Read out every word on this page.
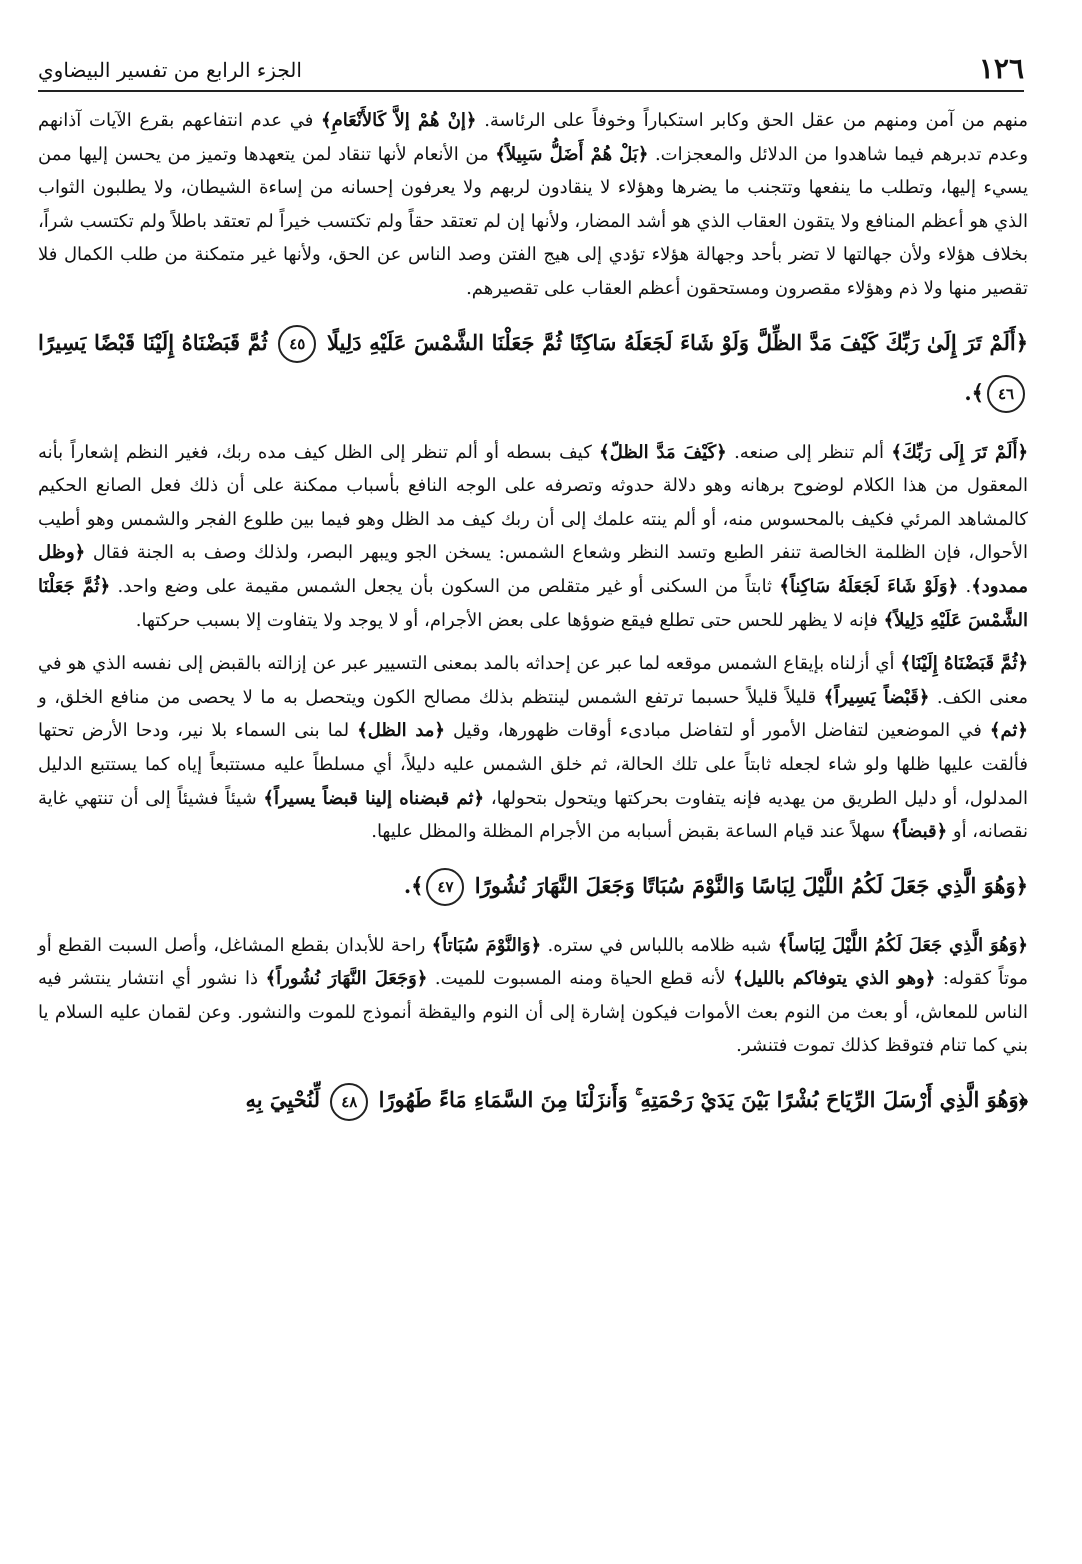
١٢٦
الجزء الرابع من تفسير البيضاوي

منهم من آمن ومنهم من عقل الحق وكابر استكباراً وخوفاً على الرئاسة. ﴿إنْ هُمْ إلاَّ كَالأَنْعَامِ﴾ في عدم انتفاعهم بقرع الآيات آذانهم وعدم تدبرهم فيما شاهدوا من الدلائل والمعجزات. ﴿بَلْ هُمْ أَضَلُّ سَبِيلاً﴾ من الأنعام لأنها تنقاد لمن يتعهدها وتميز من يحسن إليها ممن يسيء إليها، وتطلب ما ينفعها وتتجنب ما يضرها وهؤلاء لا ينقادون لربهم ولا يعرفون إحسانه من إساءة الشيطان، ولا يطلبون الثواب الذي هو أعظم المنافع ولا يتقون العقاب الذي هو أشد المضار، ولأنها إن لم تعتقد حقاً ولم تكتسب خيراً لم تعتقد باطلاً ولم تكتسب شراً، بخلاف هؤلاء ولأن جهالتها لا تضر بأحد وجهالة هؤلاء تؤدي إلى هيج الفتن وصد الناس عن الحق، ولأنها غير متمكنة من طلب الكمال فلا تقصير منها ولا ذم وهؤلاء مقصرون ومستحقون أعظم العقاب على تقصيرهم.

﴿أَلَمْ تَرَ إِلَىٰ رَبِّكَ كَيْفَ مَدَّ الظِّلَّ وَلَوْ شَاءَ لَجَعَلَهُ سَاكِنًا ثُمَّ جَعَلْنَا الشَّمْسَ عَلَيْهِ دَلِيلًا ٤٥ ثُمَّ قَبَضْنَاهُ إِلَيْنَا قَبْضًا يَسِيرًا ٤٦﴾.

﴿أَلَمْ تَرَ إِلَى رَبِّكَ﴾ ألم تنظر إلى صنعه. ﴿كَيْفَ مَدَّ الظلّ﴾ كيف بسطه أو ألم تنظر إلى الظل كيف مده ربك، فغير النظم إشعاراً بأنه المعقول من هذا الكلام لوضوح برهانه وهو دلالة حدوثه وتصرفه على الوجه النافع بأسباب ممكنة على أن ذلك فعل الصانع الحكيم كالمشاهد المرئي فكيف بالمحسوس منه، أو ألم ينته علمك إلى أن ربك كيف مد الظل وهو فيما بين طلوع الفجر والشمس وهو أطيب الأحوال، فإن الظلمة الخالصة تنفر الطبع وتسد النظر وشعاع الشمس: يسخن الجو ويبهر البصر، ولذلك وصف به الجنة فقال ﴿وظل ممدود﴾. ﴿وَلَوْ شَاءَ لَجَعَلَهُ سَاكِناً﴾ ثابتاً من السكنى أو غير متقلص من السكون بأن يجعل الشمس مقيمة على وضع واحد. ﴿ثُمَّ جَعَلْنَا الشَّمْسَ عَلَيْهِ دَلِيلاً﴾ فإنه لا يظهر للحس حتى تطلع فيقع ضوؤها على بعض الأجرام، أو لا يوجد ولا يتفاوت إلا بسبب حركتها.

﴿ثُمَّ قَبَضْنَاهُ إِلَيْنَا﴾ أي أزلناه بإيقاع الشمس موقعه لما عبر عن إحداثه بالمد بمعنى التسيير عبر عن إزالته بالقبض إلى نفسه الذي هو في معنى الكف. ﴿قَبْضاً يَسِيراً﴾ قليلاً قليلاً حسبما ترتفع الشمس لينتظم بذلك مصالح الكون ويتحصل به ما لا يحصى من منافع الخلق، و ﴿ثم﴾ في الموضعين لتفاضل الأمور أو لتفاضل مبادىء أوقات ظهورها، وقيل ﴿مد الظل﴾ لما بنى السماء بلا نير، ودحا الأرض تحتها فألقت عليها ظلها ولو شاء لجعله ثابتاً على تلك الحالة، ثم خلق الشمس عليه دليلاً، أي مسلطاً عليه مستتبعاً إياه كما يستتبع الدليل المدلول، أو دليل الطريق من يهديه فإنه يتفاوت بحركتها ويتحول بتحولها، ﴿ثم قبضناه إلينا قبضاً يسيراً﴾ شيئاً فشيئاً إلى أن تنتهي غاية نقصانه، أو ﴿قبضاً﴾ سهلاً عند قيام الساعة بقبض أسبابه من الأجرام المظلة والمظل عليها.

﴿وَهُوَ الَّذِي جَعَلَ لَكُمُ اللَّيْلَ لِبَاسًا وَالنَّوْمَ سُبَاتًا وَجَعَلَ النَّهَارَ نُشُورًا ٤٧﴾.

﴿وَهُوَ الَّذِي جَعَلَ لَكُمُ اللَّيْلَ لِبَاساً﴾ شبه ظلامه باللباس في ستره. ﴿وَالنَّوْمَ سُبَاتاً﴾ راحة للأبدان بقطع المشاغل، وأصل السبت القطع أو موتاً كقوله: ﴿وهو الذي يتوفاكم بالليل﴾ لأنه قطع الحياة ومنه المسبوت للميت. ﴿وَجَعَلَ النَّهَارَ نُشُوراً﴾ ذا نشور أي انتشار ينتشر فيه الناس للمعاش، أو بعث من النوم بعث الأموات فيكون إشارة إلى أن النوم واليقظة أنموذج للموت والنشور. وعن لقمان عليه السلام يا بني كما تنام فتوقظ كذلك تموت فتنشر.

﴿وَهُوَ الَّذِي أَرْسَلَ الرِّيَاحَ بُشْرًا بَيْنَ يَدَيْ رَحْمَتِهِ ۚ وَأَنزَلْنَا مِنَ السَّمَاءِ مَاءً طَهُورًا ٤٨ لِّنُحْيِيَ بِهِ
